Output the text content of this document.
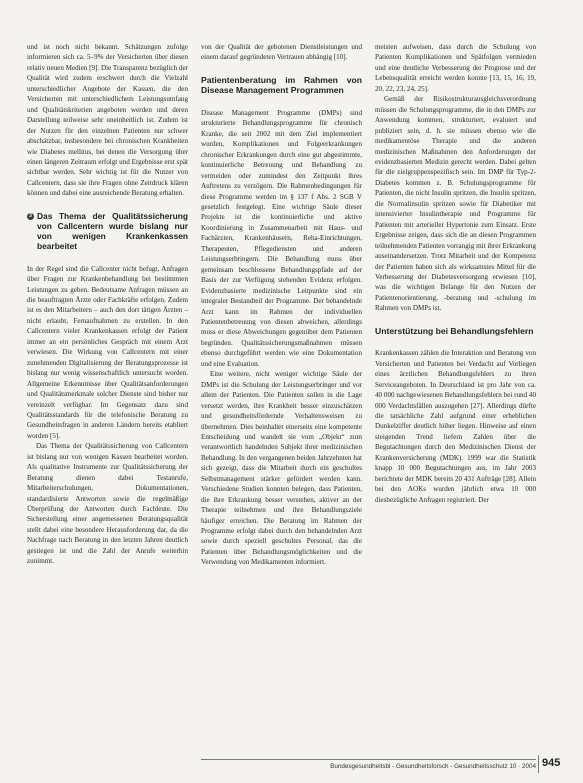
und ist noch nicht bekannt. Schätzungen zufolge informieren sich ca. 5–9% der Versicherten über diesen relativ neuen Medien [9]. Die Transparenz bezüglich der Qualität wird zudem erschwert durch die Vielzahl unterschiedlicher Angebote der Kassen, die den Versicherten mit unterschiedlichem Leistungsumfang und Qualitätskriterien angeboten werden und deren Darstellung teilweise sehr uneinheitlich ist. Zudem ist der Nutzen für den einzelnen Patienten nur schwer abschätzbar, insbesondere bei chronischen Krankheiten wie Diabetes mellitus, bei denen die Versorgung über einen längeren Zeitraum erfolgt und Ergebnisse erst spät sichtbar werden. Sehr wichtig ist für die Nutzer von Callcentern, dass sie ihre Fragen ohne Zeitdruck klären können und dabei eine ausreichende Beratung erhalten.

3 Das Thema der Qualitätssicherung von Callcentern wurde bislang nur von wenigen Krankenkassen bearbeitet

In der Regel sind die Callcenter nicht befugt, Anfragen über Fragen zur Krankenbehandlung bei bestimmten Leistungen zu geben. Bedeutsame Anfragen müssen an die beauftragten Ärzte oder Fachkräfte erfolgen. Zudem ist es den Mitarbeitern – auch den dort tätigen Ärzten – nicht erlaubt, Fernaufnahmen zu erstellen. In den Callcentern vieler Krankenkassen erfolgt der Patient immer an ein persönliches Gespräch mit einem Arzt verwiesen. Die Wirkung von Callcentern mit einer zunehmenden Digitalisierung der Beratungsprozesse ist bislang nur wenig wissenschaftlich untersucht worden. Allgemeine Erkenntnisse über Qualitätsanforderungen und Qualitätsmerkmale solcher Dienste sind bisher nur vereinzelt verfügbar. Im Gegensatz dazu sind Qualitätsstandards für die telefonische Beratung zu Gesundheitsfragen in anderen Ländern bereits etabliert worden [5].

Das Thema der Qualitätssicherung von Callcentern ist bislang nur von wenigen Kassen bearbeitet worden. Als qualitative Instrumente zur Qualitätssicherung der Beratung dienen dabei Testanrufe, Mitarbeiterschulungen, Dokumentationen, standardisierte Antworten sowie die regelmäßige Überprüfung der Antworten durch Fachleute. Die Sicherstellung einer angemessenen Beratungsqualität stellt dabei eine besondere Herausforderung dar, da die Nachfrage nach Beratung in den letzten Jahren deutlich gestiegen ist und die Zahl der Anrufe weiterhin zunimmt.

von der Qualität der gebotenen Dienstleistungen und einem darauf gegründeten Vertrauen abhängig [10].

Patientenberatung im Rahmen von Disease Management Programmen

Disease Management Programme (DMPs) sind strukturierte Behandlungsprogramme für chronisch Kranke, die seit 2002 mit dem Ziel implementiert wurden, Komplikationen und Folgeerkrankungen chronischer Erkrankungen durch eine gut abgestimmte, kontinuierliche Betreuung und Behandlung zu vermeiden oder zumindest den Zeitpunkt ihres Auftretens zu verzögern. Die Rahmenbedingungen für diese Programme werden im § 137 f Abs. 2 SGB V gesetzlich festgelegt. Eine wichtige Säule dieser Projekte ist die kontinuierliche und aktive Koordinierung in Zusammenarbeit mit Haus- und Fachärzten, Krankenhäusern, Reha-Einrichtungen, Therapeuten, Pflegediensten und anderen Leistungserbringern. Die Behandlung muss über gemeinsam beschlossene Behandlungspfade auf der Basis der zur Verfügung stehenden Evidenz erfolgen. Evidenzbasierte medizinische Leitpunkte sind ein integraler Bestandteil der Programme. Der behandelnde Arzt kann im Rahmen der individuellen Patientenbetreuung von diesen abweichen, allerdings muss er diese Abweichungen gegenüber dem Patienten begründen. Qualitätssicherungsmaßnahmen müssen ebenso durchgeführt werden wie eine Dokumentation und eine Evaluation.

Eine weitere, nicht weniger wichtige Säule der DMPs ist die Schulung der Leistungserbringer und vor allem der Patienten. Die Patienten sollen in die Lage versetzt werden, ihre Krankheit besser einzuschätzen und gesundheitsfördernde Verhaltensweisen zu übernehmen. Dies beinhaltet einerseits eine kompetente Entscheidung und wandelt sie vom „Objekt“ zum verantwortlich handelnden Subjekt ihrer medizinischen Behandlung. In den vergangenen beiden Jahrzehnten hat sich gezeigt, dass die Mitarbeit durch ein geschultes Selbstmanagement stärker gefördert werden kann. Verschiedene Studien konnten belegen, dass Patienten, die ihre Erkrankung besser verstehen, aktiver an der Therapie teilnehmen und ihre Behandlungsziele häufiger erreichen. Die Beratung im Rahmen der Programme erfolgt dabei durch den behandelnden Arzt sowie durch speziell geschultes Personal, das die Patienten über Behandlungsmöglichkeiten und die Verwendung von Medikamenten informiert.

meisten aufweisen, dass durch die Schulung von Patienten Komplikationen und Spätfolgen vermieden und eine deutliche Verbesserung der Prognose und der Lebensqualität erreicht werden konnte [13, 15, 16, 19, 20, 22, 23, 24, 25].

Gemäß der Risikostrukturausgleichsverordnung müssen die Schulungsprogramme, die in den DMPs zur Anwendung kommen, strukturiert, evaluiert und publiziert sein, d. h. sie müssen ebenso wie die medikamentöse Therapie und die anderen medizinischen Maßnahmen den Anforderungen der evidenzbasierten Medizin gerecht werden. Dabei gelten für die zielgruppenspezifisch sein. Im DMP für Typ-2-Diabetes kommen z. B. Schulungsprogramme für Patienten, die nicht Insulin spritzen, die Insulin spritzen, die Normalinsulin spritzen sowie für Diabetiker mit intensivierter Insulintherapie und Programme für Patienten mit arterieller Hypertonie zum Einsatz. Erste Ergebnisse zeigen, dass sich die an diesen Programmen teilnehmenden Patienten vorrangig mit ihrer Erkrankung auseinandersetzen. Trotz Mitarbeit und der Kompetenz der Patienten haben sich als wirksamstes Mittel für die Verbesserung der Diabetesversorgung erwiesen [10], was die wichtigen Belange für den Nutzen der Patientenorientierung, -beratung und -schulung im Rahmen von DMPs ist.

Unterstützung bei Behandlungsfehlern

Krankenkassen zählen die Interaktion und Beratung von Versicherten und Patienten bei Verdacht auf Vorliegen eines ärztlichen Behandlungsfehlers zu ihren Serviceangeboten. In Deutschland ist pro Jahr von ca. 40 000 nachgewiesenen Behandlungsfehlern bei rund 40 000 Verdachtsfällen auszugehen [27]. Allerdings dürfte die tatsächliche Zahl aufgrund einer erheblichen Dunkelziffer deutlich höher liegen. Hinweise auf einen steigenden Trend liefern Zahlen über die Begutachtungen durch den Medizinischen Dienst der Krankenversicherung (MDK). 1999 war die Statistik knapp 10 000 Begutachtungen aus, im Jahr 2003 berichtete der MDK bereits 20 431 Aufträge [28]. Allein bei den AOKs wurden jährlich etwa 10 000 diesbezügliche Anfragen registriert. Der

Bundesgesundheitsbl - Gesundheitsforsch - Gesundheitsschutz 10 · 2004 945
